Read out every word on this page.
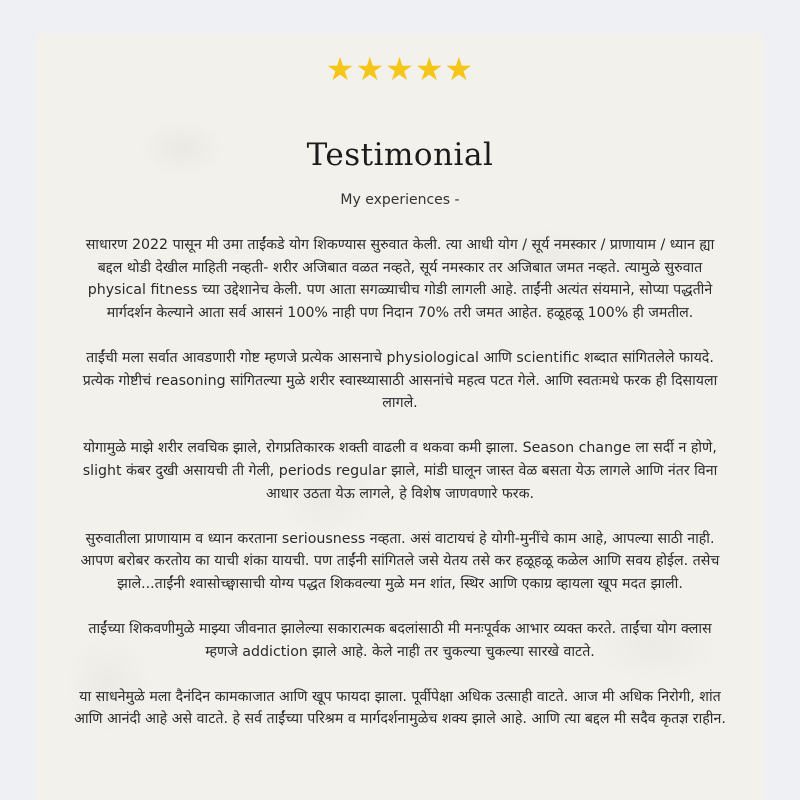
★★★★★
Testimonial
My experiences -

साधारण 2022 पासून मी उमा ताईंकडे योग शिकण्यास सुरुवात केली. त्या आधी योग / सूर्य नमस्कार / प्राणायाम / ध्यान ह्या बद्दल थोडी देखील माहिती नव्हती- शरीर अजिबात वळत नव्हते, सूर्य नमस्कार तर अजिबात जमत नव्हते. त्यामुळे सुरुवात physical fitness च्या उद्देशानेच केली. पण आता सगळ्याचीच गोडी लागली आहे. ताईंनी अत्यंत संयमाने, सोप्या पद्धतीने मार्गदर्शन केल्याने आता सर्व आसनं 100% नाही पण निदान 70% तरी जमत आहेत. हळूहळू 100% ही जमतील.

ताईंची मला सर्वात आवडणारी गोष्ट म्हणजे प्रत्येक आसनाचे physiological आणि scientific शब्दात सांगितलेले फायदे. प्रत्येक गोष्टीचं reasoning सांगितल्या मुळे शरीर स्वास्थ्यासाठी आसनांचे महत्व पटत गेले. आणि स्वतःमधे फरक ही दिसायला लागले.

योगामुळे माझे शरीर लवचिक झाले, रोगप्रतिकारक शक्ती वाढली व थकवा कमी झाला. Season change ला सर्दी न होणे, slight कंबर दुखी असायची ती गेली, periods regular झाले, मांडी घालून जास्त वेळ बसता येऊ लागले आणि नंतर विना आधार उठता येऊ लागले, हे विशेष जाणवणारे फरक.

सुरुवातीला प्राणायाम व ध्यान करताना seriousness नव्हता. असं वाटायचं हे योगी-मुनींचे काम आहे, आपल्या साठी नाही. आपण बरोबर करतोय का याची शंका यायची. पण ताईंनी सांगितले जसे येतय तसे कर हळूहळू कळेल आणि सवय होईल. तसेच झाले...ताईंनी श्वासोच्छ्वासाची योग्य पद्धत शिकवल्या मुळे मन शांत, स्थिर आणि एकाग्र व्हायला खूप मदत झाली.

ताईंच्या शिकवणीमुळे माझ्या जीवनात झालेल्या सकारात्मक बदलांसाठी मी मनःपूर्वक आभार व्यक्त करते. ताईंचा योग क्लास म्हणजे addiction झाले आहे. केले नाही तर चुकल्या चुकल्या सारखे वाटते.

या साधनेमुळे मला दैनंदिन कामकाजात आणि खूप फायदा झाला. पूर्वीपेक्षा अधिक उत्साही वाटते. आज मी अधिक निरोगी, शांत आणि आनंदी आहे असे वाटते. हे सर्व ताईंच्या परिश्रम व मार्गदर्शनामुळेच शक्य झाले आहे. आणि त्या बद्दल मी सदैव कृतज्ञ राहीन.
